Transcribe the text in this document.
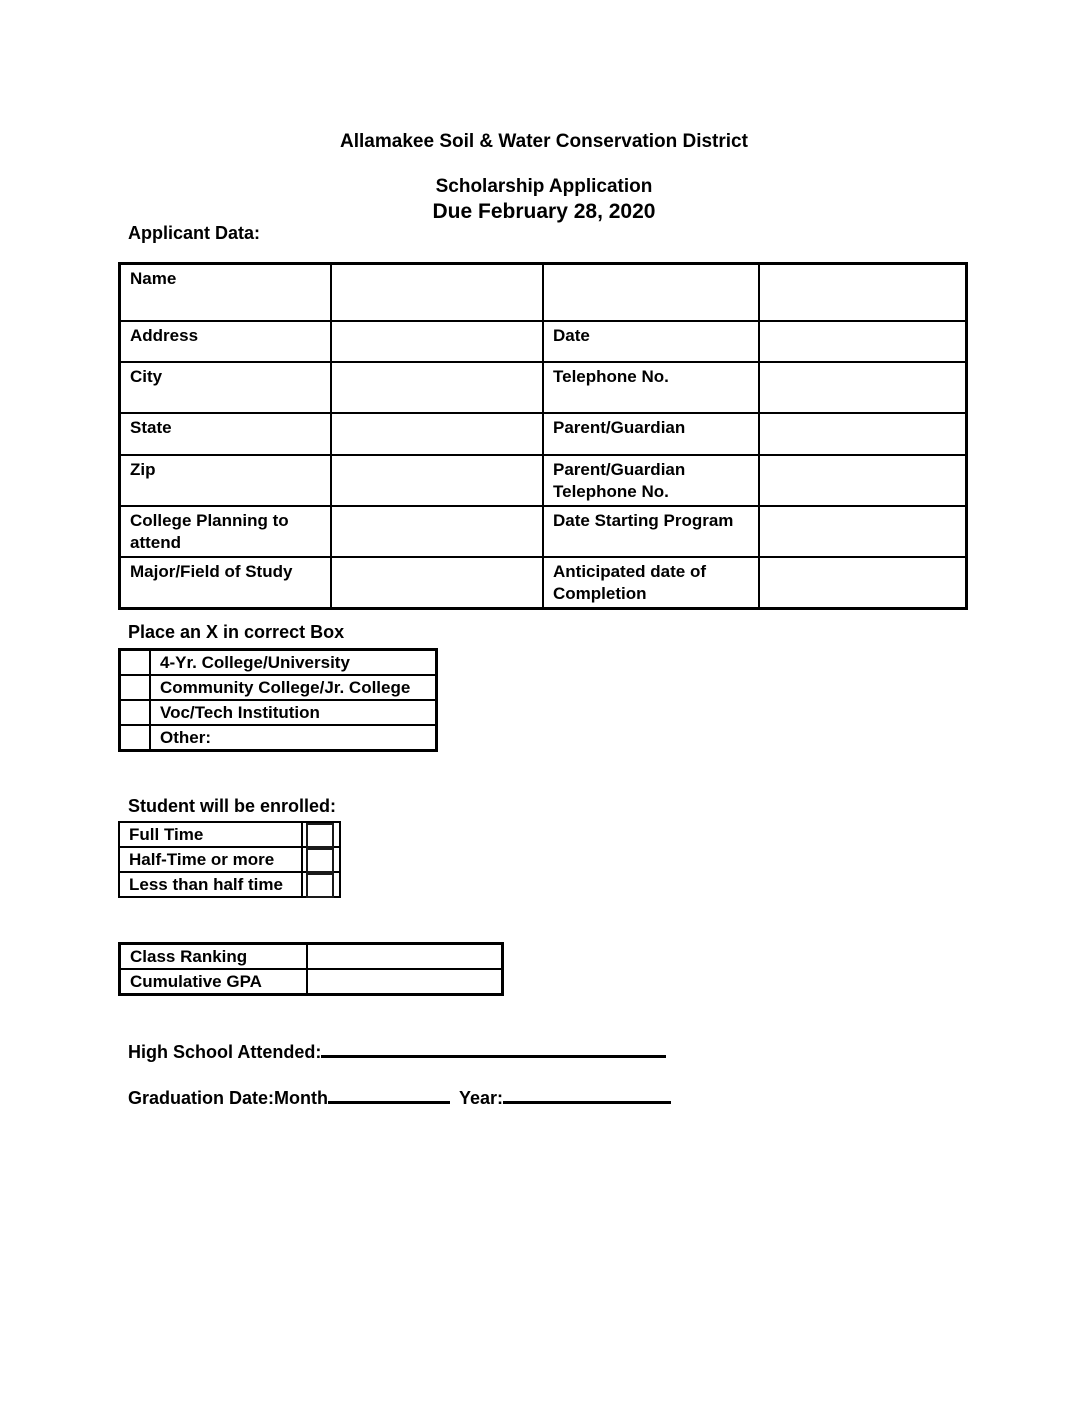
Allamakee Soil & Water Conservation District
Scholarship Application
Due February 28, 2020
Applicant Data:
Name			
Address		Date	
City		Telephone No.	
State		Parent/Guardian	
Zip		Parent/Guardian Telephone No.	
College Planning to attend		Date Starting Program	
Major/Field of Study		Anticipated date of Completion	
Place an X in correct Box
	4-Yr. College/University
	Community College/Jr. College
	Voc/Tech Institution
	Other:
Student will be enrolled:
Full Time	

Half-Time or more	

Less than half time	
Class Ranking	
Cumulative GPA	
High School Attended:
Graduation Date:Month	Year:
